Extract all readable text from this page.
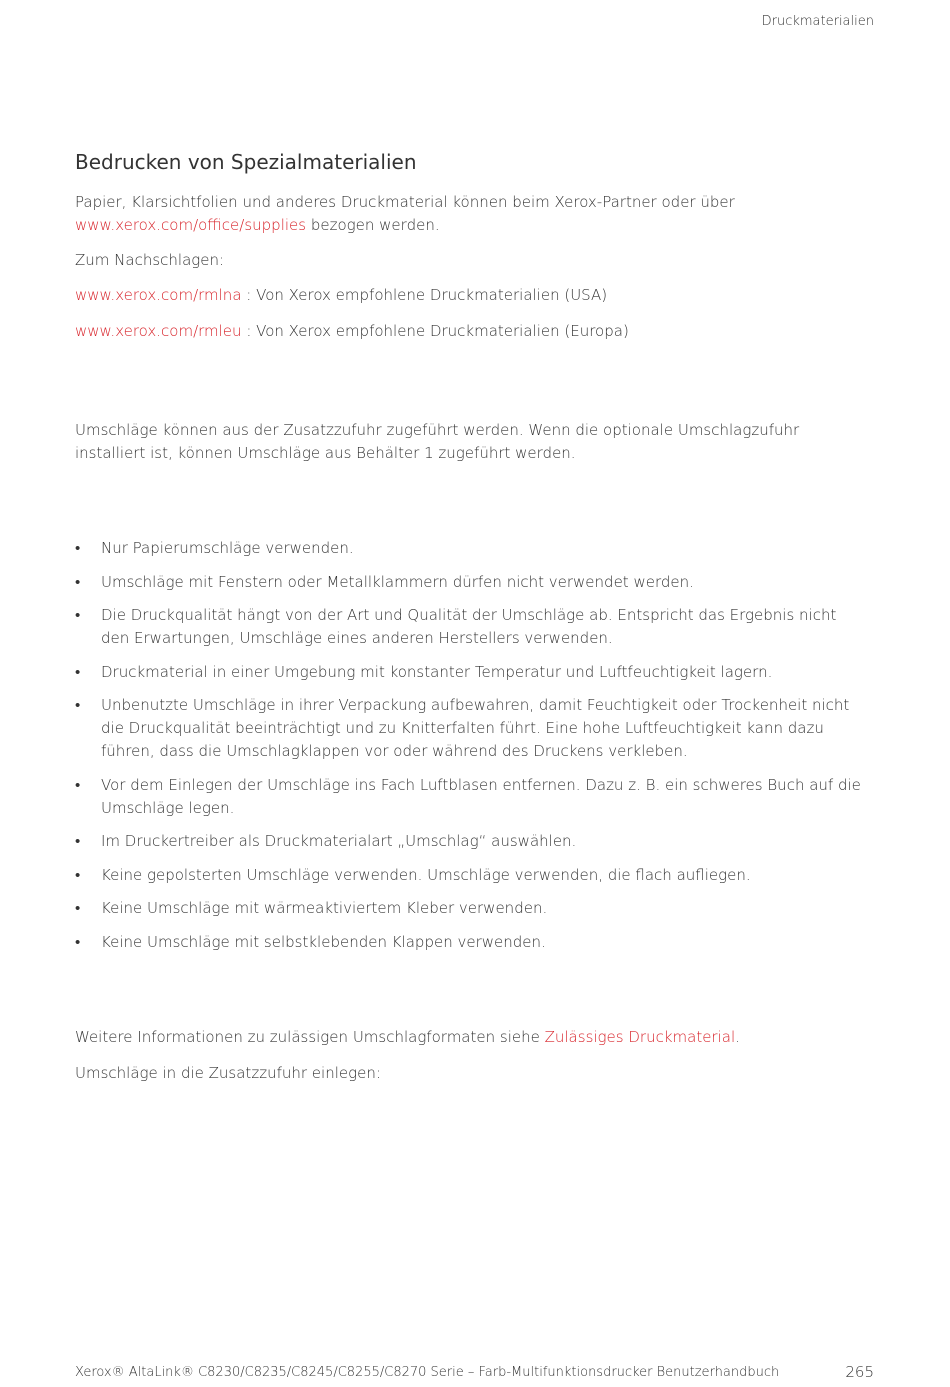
Druckmaterialien
Bedrucken von Spezialmaterialien

Papier, Klarsichtfolien und anderes Druckmaterial können beim Xerox-Partner oder über www.xerox.com/office/supplies bezogen werden.

Zum Nachschlagen:

www.xerox.com/rmlna : Von Xerox empfohlene Druckmaterialien (USA)

www.xerox.com/rmleu : Von Xerox empfohlene Druckmaterialien (Europa)

Umschläge können aus der Zusatzzufuhr zugeführt werden. Wenn die optionale Umschlagzufuhr installiert ist, können Umschläge aus Behälter 1 zugeführt werden.

• Nur Papierumschläge verwenden.
• Umschläge mit Fenstern oder Metallklammern dürfen nicht verwendet werden.
• Die Druckqualität hängt von der Art und Qualität der Umschläge ab. Entspricht das Ergebnis nicht den Erwartungen, Umschläge eines anderen Herstellers verwenden.
• Druckmaterial in einer Umgebung mit konstanter Temperatur und Luftfeuchtigkeit lagern.
• Unbenutzte Umschläge in ihrer Verpackung aufbewahren, damit Feuchtigkeit oder Trockenheit nicht die Druckqualität beeinträchtigt und zu Knitterfalten führt. Eine hohe Luftfeuchtigkeit kann dazu führen, dass die Umschlagklappen vor oder während des Druckens verkleben.
• Vor dem Einlegen der Umschläge ins Fach Luftblasen entfernen. Dazu z. B. ein schweres Buch auf die Umschläge legen.
• Im Druckertreiber als Druckmaterialart „Umschlag“ auswählen.
• Keine gepolsterten Umschläge verwenden. Umschläge verwenden, die flach aufliegen.
• Keine Umschläge mit wärmeaktiviertem Kleber verwenden.
• Keine Umschläge mit selbstklebenden Klappen verwenden.

Weitere Informationen zu zulässigen Umschlagformaten siehe Zulässiges Druckmaterial.

Umschläge in die Zusatzzufuhr einlegen:

Xerox® AltaLink® C8230/C8235/C8245/C8255/C8270 Serie – Farb-Multifunktionsdrucker Benutzerhandbuch	265
